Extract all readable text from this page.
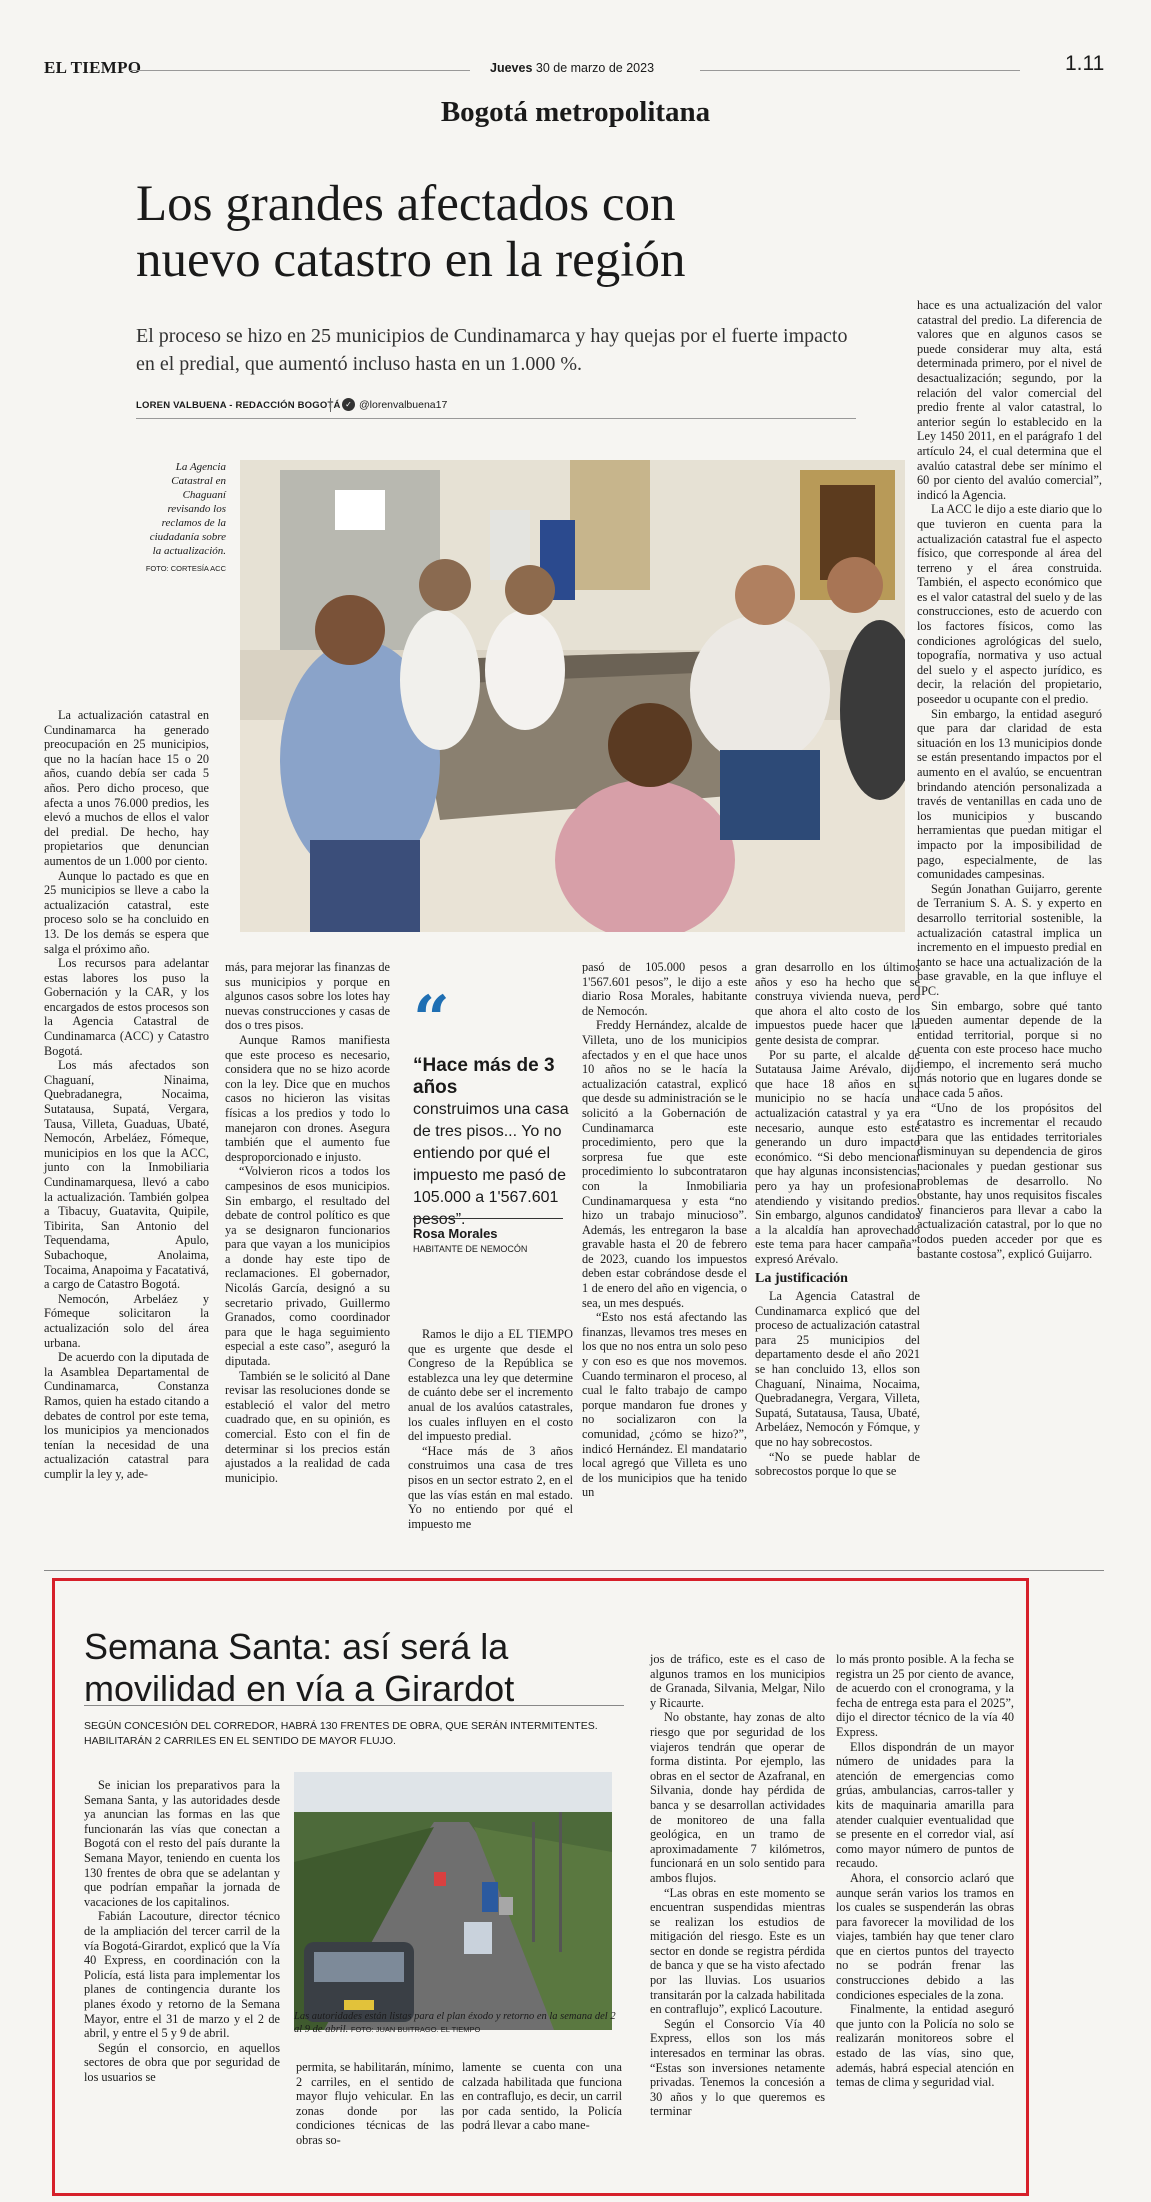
EL TIEMPO	Jueves 30 de marzo de 2023	1.11
Bogotá metropolitana
Los grandes afectados con
nuevo catastro en la región
El proceso se hizo en 25 municipios de Cundinamarca y hay quejas por el fuerte impacto en el predial, que aumentó incluso hasta en un 1.000 %.
LOREN VALBUENA - REDACCIÓN BOGOTÁ ✓ @lorenvalbuena17
La Agencia Catastral en Chaguaní revisando los reclamos de la ciudadanía sobre la actualización.
FOTO: CORTESÍA ACC

La actualización catastral en Cundinamarca ha generado preocupación en 25 municipios, que no la hacían hace 15 o 20 años, cuando debía ser cada 5 años. Pero dicho proceso, que afecta a unos 76.000 predios, les elevó a muchos de ellos el valor del predial. De hecho, hay propietarios que denuncian aumentos de un 1.000 por ciento.

Aunque lo pactado es que en 25 municipios se lleve a cabo la actualización catastral, este proceso solo se ha concluido en 13. De los demás se espera que salga el próximo año.

Los recursos para adelantar estas labores los puso la Gobernación y la CAR, y los encargados de estos procesos son la Agencia Catastral de Cundinamarca (ACC) y Catastro Bogotá.

Los más afectados son Chaguaní, Ninaima, Quebradanegra, Nocaima, Sutatausa, Supatá, Vergara, Tausa, Villeta, Guaduas, Ubaté, Nemocón, Arbeláez, Fómeque, municipios en los que la ACC, junto con la Inmobiliaria Cundinamarquesa, llevó a cabo la actualización. También golpea a Tibacuy, Guatavita, Quipile, Tibirita, San Antonio del Tequendama, Apulo, Subachoque, Anolaima, Tocaima, Anapoima y Facatativá, a cargo de Catastro Bogotá.

Nemocón, Arbeláez y Fómeque solicitaron la actualización solo del área urbana.

De acuerdo con la diputada de la Asamblea Departamental de Cundinamarca, Constanza Ramos, quien ha estado citando a debates de control por este tema, los municipios ya mencionados tenían la necesidad de una actualización catastral para cumplir la ley y, ade-

más, para mejorar las finanzas de sus municipios y porque en algunos casos sobre los lotes hay nuevas construcciones y casas de dos o tres pisos.

Aunque Ramos manifiesta que este proceso es necesario, considera que no se hizo acorde con la ley. Dice que en muchos casos no hicieron las visitas físicas a los predios y todo lo manejaron con drones. Asegura también que el aumento fue desproporcionado e injusto.

“Volvieron ricos a todos los campesinos de esos municipios. Sin embargo, el resultado del debate de control político es que ya se designaron funcionarios para que vayan a los municipios a donde hay este tipo de reclamaciones. El gobernador, Nicolás García, designó a su secretario privado, Guillermo Granados, como coordinador para que le haga seguimiento especial a este caso”, aseguró la diputada.

También se le solicitó al Dane revisar las resoluciones donde se estableció el valor del metro cuadrado que, en su opinión, es comercial. Esto con el fin de determinar si los precios están ajustados a la realidad de cada municipio.

“
“Hace más de 3 años
construimos una casa de tres pisos... Yo no entiendo por qué el impuesto me pasó de 105.000 a 1'567.601 pesos”.
Rosa Morales
HABITANTE DE NEMOCÓN

Ramos le dijo a EL TIEMPO que es urgente que desde el Congreso de la República se establezca una ley que determine de cuánto debe ser el incremento anual de los avalúos catastrales, los cuales influyen en el costo del impuesto predial.

“Hace más de 3 años construimos una casa de tres pisos en un sector estrato 2, en el que las vías están en mal estado. Yo no entiendo por qué el impuesto me

pasó de 105.000 pesos a 1'567.601 pesos”, le dijo a este diario Rosa Morales, habitante de Nemocón.

Freddy Hernández, alcalde de Villeta, uno de los municipios afectados y en el que hace unos 10 años no se le hacía la actualización catastral, explicó que desde su administración se le solicitó a la Gobernación de Cundinamarca este procedimiento, pero que la sorpresa fue que este procedimiento lo subcontrataron con la Inmobiliaria Cundinamarquesa y esta “no hizo un trabajo minucioso”. Además, les entregaron la base gravable hasta el 20 de febrero de 2023, cuando los impuestos deben estar cobrándose desde el 1 de enero del año en vigencia, o sea, un mes después.

“Esto nos está afectando las finanzas, llevamos tres meses en los que no nos entra un solo peso y con eso es que nos movemos. Cuando terminaron el proceso, al cual le falto trabajo de campo porque mandaron fue drones y no socializaron con la comunidad, ¿cómo se hizo?”, indicó Hernández. El mandatario local agregó que Villeta es uno de los municipios que ha tenido un

gran desarrollo en los últimos años y eso ha hecho que se construya vivienda nueva, pero que ahora el alto costo de los impuestos puede hacer que la gente desista de comprar.

Por su parte, el alcalde de Sutatausa Jaime Arévalo, dijo que hace 18 años en su municipio no se hacía una actualización catastral y ya era necesario, aunque esto esté generando un duro impacto económico. “Si debo mencionar que hay algunas inconsistencias, pero ya hay un profesional atendiendo y visitando predios. Sin embargo, algunos candidatos a la alcaldía han aprovechado este tema para hacer campaña”, expresó Arévalo.

La justificación

La Agencia Catastral de Cundinamarca explicó que del proceso de actualización catastral para 25 municipios del departamento desde el año 2021 se han concluido 13, ellos son Chaguaní, Ninaima, Nocaima, Quebradanegra, Vergara, Villeta, Supatá, Sutatausa, Tausa, Ubaté, Arbeláez, Nemocón y Fómque, y que no hay sobrecostos.

“No se puede hablar de sobrecostos porque lo que se

hace es una actualización del valor catastral del predio. La diferencia de valores que en algunos casos se puede considerar muy alta, está determinada primero, por el nivel de desactualización; segundo, por la relación del valor comercial del predio frente al valor catastral, lo anterior según lo establecido en la Ley 1450 2011, en el parágrafo 1 del artículo 24, el cual determina que el avalúo catastral debe ser mínimo el 60 por ciento del avalúo comercial”, indicó la Agencia.

La ACC le dijo a este diario que lo que tuvieron en cuenta para la actualización catastral fue el aspecto físico, que corresponde al área del terreno y el área construida. También, el aspecto económico que es el valor catastral del suelo y de las construcciones, esto de acuerdo con los factores físicos, como las condiciones agrológicas del suelo, topografía, normativa y uso actual del suelo y el aspecto jurídico, es decir, la relación del propietario, poseedor u ocupante con el predio.

Sin embargo, la entidad aseguró que para dar claridad de esta situación en los 13 municipios donde se están presentando impactos por el aumento en el avalúo, se encuentran brindando atención personalizada a través de ventanillas en cada uno de los municipios y buscando herramientas que puedan mitigar el impacto por la imposibilidad de pago, especialmente, de las comunidades campesinas.

Según Jonathan Guijarro, gerente de Terranium S. A. S. y experto en desarrollo territorial sostenible, la actualización catastral implica un incremento en el impuesto predial en tanto se hace una actualización de la base gravable, en la que influye el IPC.

Sin embargo, sobre qué tanto pueden aumentar depende de la entidad territorial, porque si no cuenta con este proceso hace mucho tiempo, el incremento será mucho más notorio que en lugares donde se hace cada 5 años.

“Uno de los propósitos del catastro es incrementar el recaudo para que las entidades territoriales disminuyan su dependencia de giros nacionales y puedan gestionar sus problemas de desarrollo. No obstante, hay unos requisitos fiscales y financieros para llevar a cabo la actualización catastral, por lo que no todos pueden acceder por que es bastante costosa”, explicó Guijarro.

Semana Santa: así será la
movilidad en vía a Girardot
SEGÚN CONCESIÓN DEL CORREDOR, HABRÁ 130 FRENTES DE OBRA, QUE SERÁN INTERMITENTES. HABILITARÁN 2 CARRILES EN EL SENTIDO DE MAYOR FLUJO.

Se inician los preparativos para la Semana Santa, y las autoridades desde ya anuncian las formas en las que funcionarán las vías que conectan a Bogotá con el resto del país durante la Semana Mayor, teniendo en cuenta los 130 frentes de obra que se adelantan y que podrían empañar la jornada de vacaciones de los capitalinos.

Fabián Lacouture, director técnico de la ampliación del tercer carril de la vía Bogotá-Girardot, explicó que la Vía 40 Express, en coordinación con la Policía, está lista para implementar los planes de contingencia durante los planes éxodo y retorno de la Semana Mayor, entre el 31 de marzo y el 2 de abril, y entre el 5 y 9 de abril.

Según el consorcio, en aquellos sectores de obra que por seguridad de los usuarios se

Las autoridades están listas para el plan éxodo y retorno en la semana del 2 al 9 de abril. FOTO: JUAN BUITRAGO. EL TIEMPO

permita, se habilitarán, mínimo, 2 carriles, en el sentido de mayor flujo vehicular. En las zonas donde por las condiciones técnicas de las obras so-

lamente se cuenta con una calzada habilitada que funciona en contraflujo, es decir, un carril por cada sentido, la Policía podrá llevar a cabo mane-

jos de tráfico, este es el caso de algunos tramos en los municipios de Granada, Silvania, Melgar, Nilo y Ricaurte.

No obstante, hay zonas de alto riesgo que por seguridad de los viajeros tendrán que operar de forma distinta. Por ejemplo, las obras en el sector de Azafranal, en Silvania, donde hay pérdida de banca y se desarrollan actividades de monitoreo de una falla geológica, en un tramo de aproximadamente 7 kilómetros, funcionará en un solo sentido para ambos flujos.

“Las obras en este momento se encuentran suspendidas mientras se realizan los estudios de mitigación del riesgo. Este es un sector en donde se registra pérdida de banca y que se ha visto afectado por las lluvias. Los usuarios transitarán por la calzada habilitada en contraflujo”, explicó Lacouture.

Según el Consorcio Vía 40 Express, ellos son los más interesados en terminar las obras. “Estas son inversiones netamente privadas. Tenemos la concesión a 30 años y lo que queremos es terminar

lo más pronto posible. A la fecha se registra un 25 por ciento de avance, de acuerdo con el cronograma, y la fecha de entrega esta para el 2025”, dijo el director técnico de la vía 40 Express.

Ellos dispondrán de un mayor número de unidades para la atención de emergencias como grúas, ambulancias, carros-taller y kits de maquinaria amarilla para atender cualquier eventualidad que se presente en el corredor vial, así como mayor número de puntos de recaudo.

Ahora, el consorcio aclaró que aunque serán varios los tramos en los cuales se suspenderán las obras para favorecer la movilidad de los viajes, también hay que tener claro que en ciertos puntos del trayecto no se podrán frenar las construcciones debido a las condiciones especiales de la zona.

Finalmente, la entidad aseguró que junto con la Policía no solo se realizarán monitoreos sobre el estado de las vías, sino que, además, habrá especial atención en temas de clima y seguridad vial.
